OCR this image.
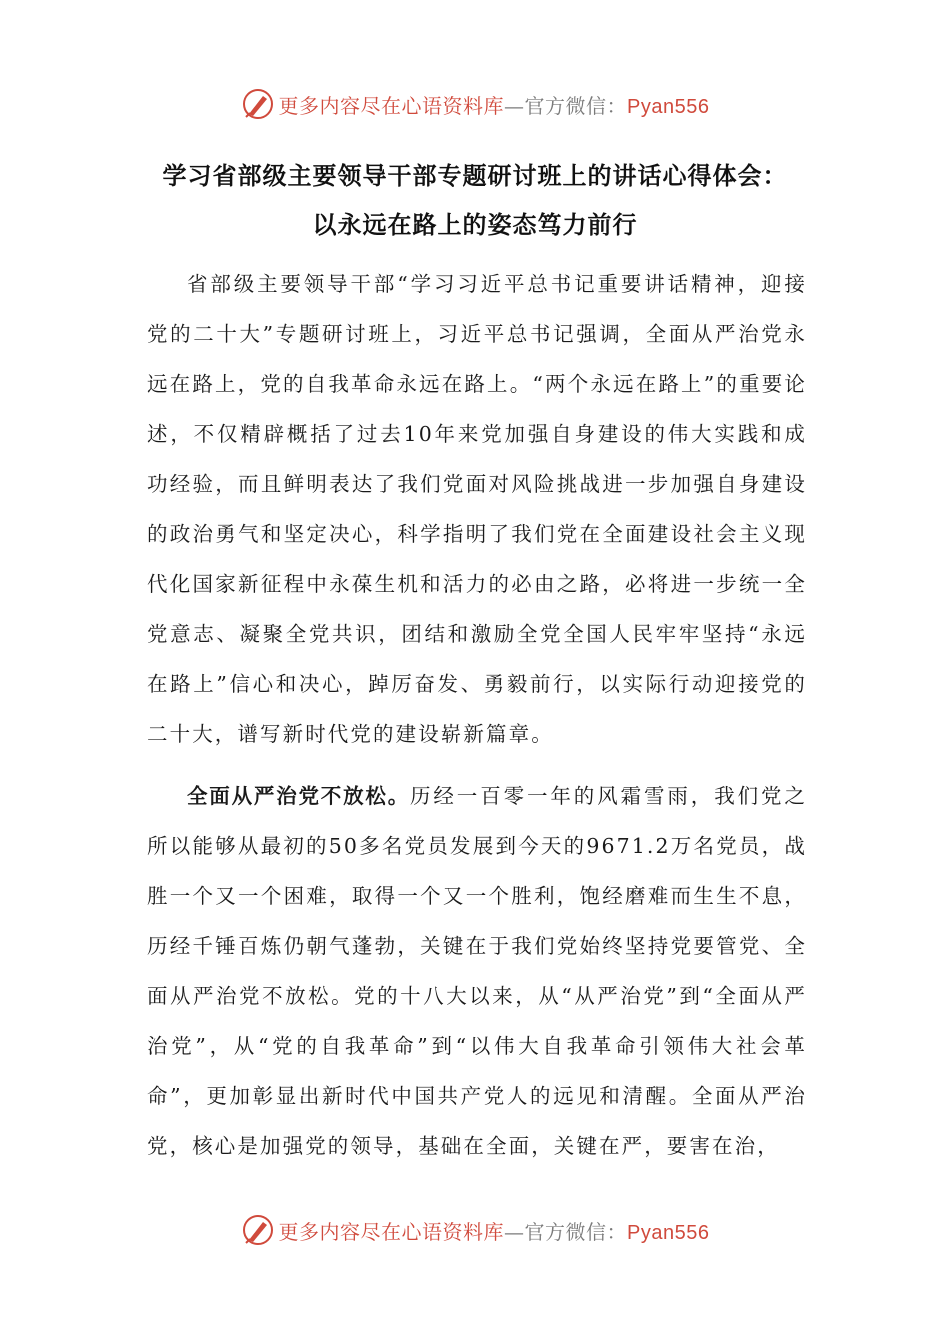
更多内容尽在心语资料库—官方微信：Pyan556
学习省部级主要领导干部专题研讨班上的讲话心得体会：
以永远在路上的姿态笃力前行

省部级主要领导干部“学习习近平总书记重要讲话精神，迎接党的二十大”专题研讨班上，习近平总书记强调，全面从严治党永远在路上，党的自我革命永远在路上。“两个永远在路上”的重要论述，不仅精辟概括了过去10年来党加强自身建设的伟大实践和成功经验，而且鲜明表达了我们党面对风险挑战进一步加强自身建设的政治勇气和坚定决心，科学指明了我们党在全面建设社会主义现代化国家新征程中永葆生机和活力的必由之路，必将进一步统一全党意志、凝聚全党共识，团结和激励全党全国人民牢牢坚持“永远在路上”信心和决心，踔厉奋发、勇毅前行，以实际行动迎接党的二十大，谱写新时代党的建设崭新篇章。

全面从严治党不放松。历经一百零一年的风霜雪雨，我们党之所以能够从最初的50多名党员发展到今天的9671.2万名党员，战胜一个又一个困难，取得一个又一个胜利，饱经磨难而生生不息，历经千锤百炼仍朝气蓬勃，关键在于我们党始终坚持党要管党、全面从严治党不放松。党的十八大以来，从“从严治党”到“全面从严治党”，从“党的自我革命”到“以伟大自我革命引领伟大社会革命”，更加彰显出新时代中国共产党人的远见和清醒。全面从严治党，核心是加强党的领导，基础在全面，关键在严，要害在治，

更多内容尽在心语资料库—官方微信：Pyan556
